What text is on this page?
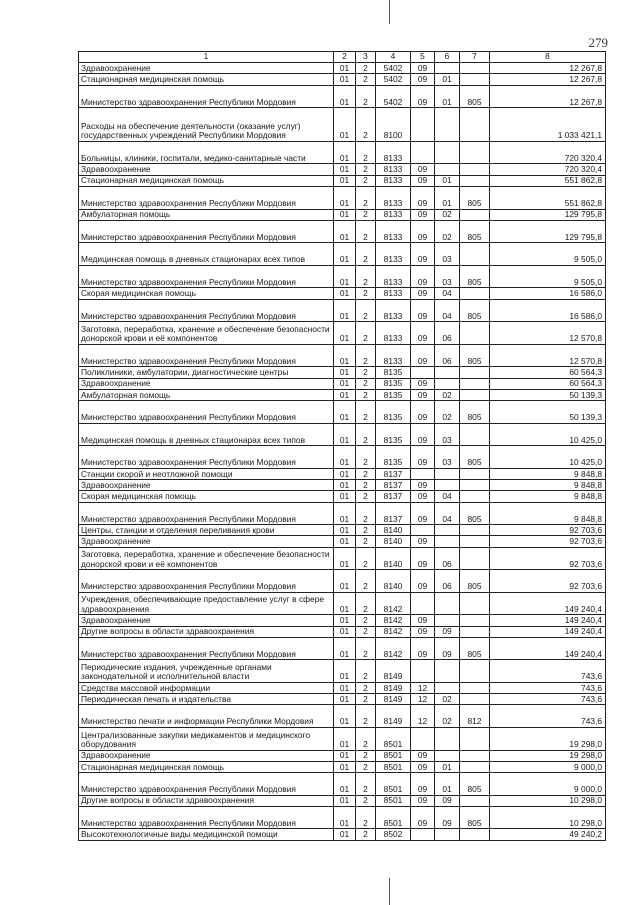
279
1	2	3	4	5	6	7	8
Здравоохранение	01	2	5402	09			12 267,8
Стационарная медицинская помощь	01	2	5402	09	01		12 267,8
Министерство здравоохранения Республики Мордовия	01	2	5402	09	01	805	12 267,8
Расходы на обеспечение деятельности (оказание услуг) государственных учреждений Республики Мордовия	01	2	8100				1 033 421,1
Больницы, клиники, госпитали, медико-санитарные части	01	2	8133				720 320,4
Здравоохранение	01	2	8133	09			720 320,4
Стационарная медицинская помощь	01	2	8133	09	01		551 862,8
Министерство здравоохранения Республики Мордовия	01	2	8133	09	01	805	551 862,8
Амбулаторная помощь	01	2	8133	09	02		129 795,8
Министерство здравоохранения Республики Мордовия	01	2	8133	09	02	805	129 795,8
Медицинская помощь в дневных стационарах всех типов	01	2	8133	09	03		9 505,0
Министерство здравоохранения Республики Мордовия	01	2	8133	09	03	805	9 505,0
Скорая медицинская помощь	01	2	8133	09	04		16 586,0
Министерство здравоохранения Республики Мордовия	01	2	8133	09	04	805	16 586,0
Заготовка, переработка, хранение и обеспечение безопасности донорской крови и её компонентов	01	2	8133	09	06		12 570,8
Министерство здравоохранения Республики Мордовия	01	2	8133	09	06	805	12 570,8
Поликлиники, амбулатории, диагностические центры	01	2	8135				60 564,3
Здравоохранение	01	2	8135	09			60 564,3
Амбулаторная помощь	01	2	8135	09	02		50 139,3
Министерство здравоохранения Республики Мордовия	01	2	8135	09	02	805	50 139,3
Медицинская помощь в дневных стационарах всех типов	01	2	8135	09	03		10 425,0
Министерство здравоохранения Республики Мордовия	01	2	8135	09	03	805	10 425,0
Станции скорой и неотложной помощи	01	2	8137				9 848,8
Здравоохранение	01	2	8137	09			9 848,8
Скорая медицинская помощь	01	2	8137	09	04		9 848,8
Министерство здравоохранения Республики Мордовия	01	2	8137	09	04	805	9 848,8
Центры, станции и отделения переливания крови	01	2	8140				92 703,6
Здравоохранение	01	2	8140	09			92 703,6
Заготовка, переработка, хранение и обеспечение безопасности донорской крови и её компонентов	01	2	8140	09	06		92 703,6
Министерство здравоохранения Республики Мордовия	01	2	8140	09	06	805	92 703,6
Учреждения, обеспечивающие предоставление услуг в сфере здравоохранения	01	2	8142				149 240,4
Здравоохранение	01	2	8142	09			149 240,4
Другие вопросы в области здравоохранения	01	2	8142	09	09		149 240,4
Министерство здравоохранения Республики Мордовия	01	2	8142	09	09	805	149 240,4
Периодические издания, учрежденные органами законодательной и исполнительной власти	01	2	8149				743,6
Средства массовой информации	01	2	8149	12			743,6
Периодическая печать и издательства	01	2	8149	12	02		743,6
Министерство печати и информации Республики Мордовия	01	2	8149	12	02	812	743,6
Централизованные закупки медикаментов и медицинского оборудования	01	2	8501				19 298,0
Здравоохранение	01	2	8501	09			19 298,0
Стационарная медицинская помощь	01	2	8501	09	01		9 000,0
Министерство здравоохранения Республики Мордовия	01	2	8501	09	01	805	9 000,0
Другие вопросы в области здравоохранения	01	2	8501	09	09		10 298,0
Министерство здравоохранения Республики Мордовия	01	2	8501	09	09	805	10 298,0
Высокотехнологичные виды медицинской помощи	01	2	8502				49 240,2
